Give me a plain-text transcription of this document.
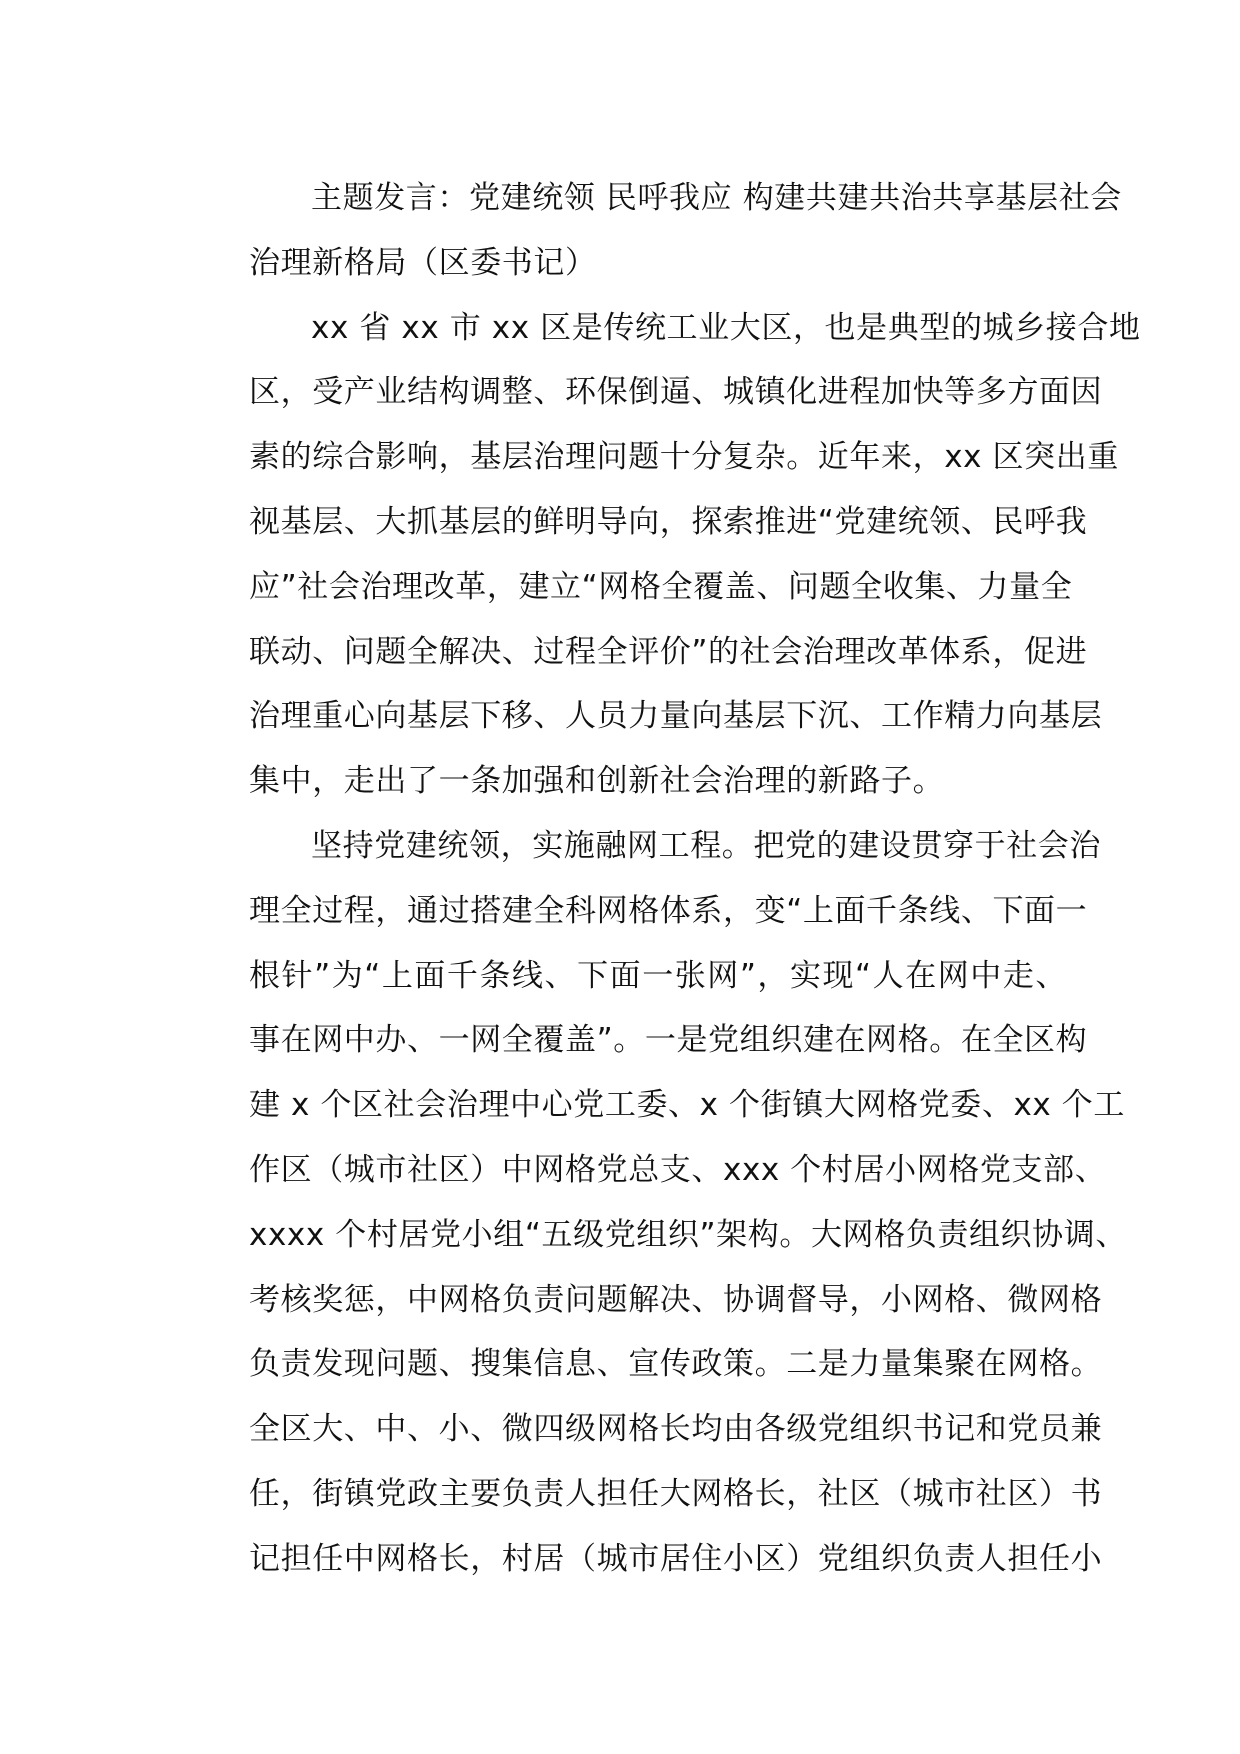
主题发言：党建统领 民呼我应 构建共建共治共享基层社会
治理新格局（区委书记）
xx 省 xx 市 xx 区是传统工业大区，也是典型的城乡接合地
区，受产业结构调整、环保倒逼、城镇化进程加快等多方面因
素的综合影响，基层治理问题十分复杂。近年来，xx 区突出重
视基层、大抓基层的鲜明导向，探索推进“党建统领、民呼我
应”社会治理改革，建立“网格全覆盖、问题全收集、力量全
联动、问题全解决、过程全评价”的社会治理改革体系，促进
治理重心向基层下移、人员力量向基层下沉、工作精力向基层
集中，走出了一条加强和创新社会治理的新路子。
坚持党建统领，实施融网工程。把党的建设贯穿于社会治
理全过程，通过搭建全科网格体系，变“上面千条线、下面一
根针”为“上面千条线、下面一张网”，实现“人在网中走、
事在网中办、一网全覆盖”。一是党组织建在网格。在全区构
建 x 个区社会治理中心党工委、x 个街镇大网格党委、xx 个工
作区（城市社区）中网格党总支、xxx 个村居小网格党支部、
xxxx 个村居党小组“五级党组织”架构。大网格负责组织协调、
考核奖惩，中网格负责问题解决、协调督导，小网格、微网格
负责发现问题、搜集信息、宣传政策。二是力量集聚在网格。
全区大、中、小、微四级网格长均由各级党组织书记和党员兼
任，街镇党政主要负责人担任大网格长，社区（城市社区）书
记担任中网格长，村居（城市居住小区）党组织负责人担任小
